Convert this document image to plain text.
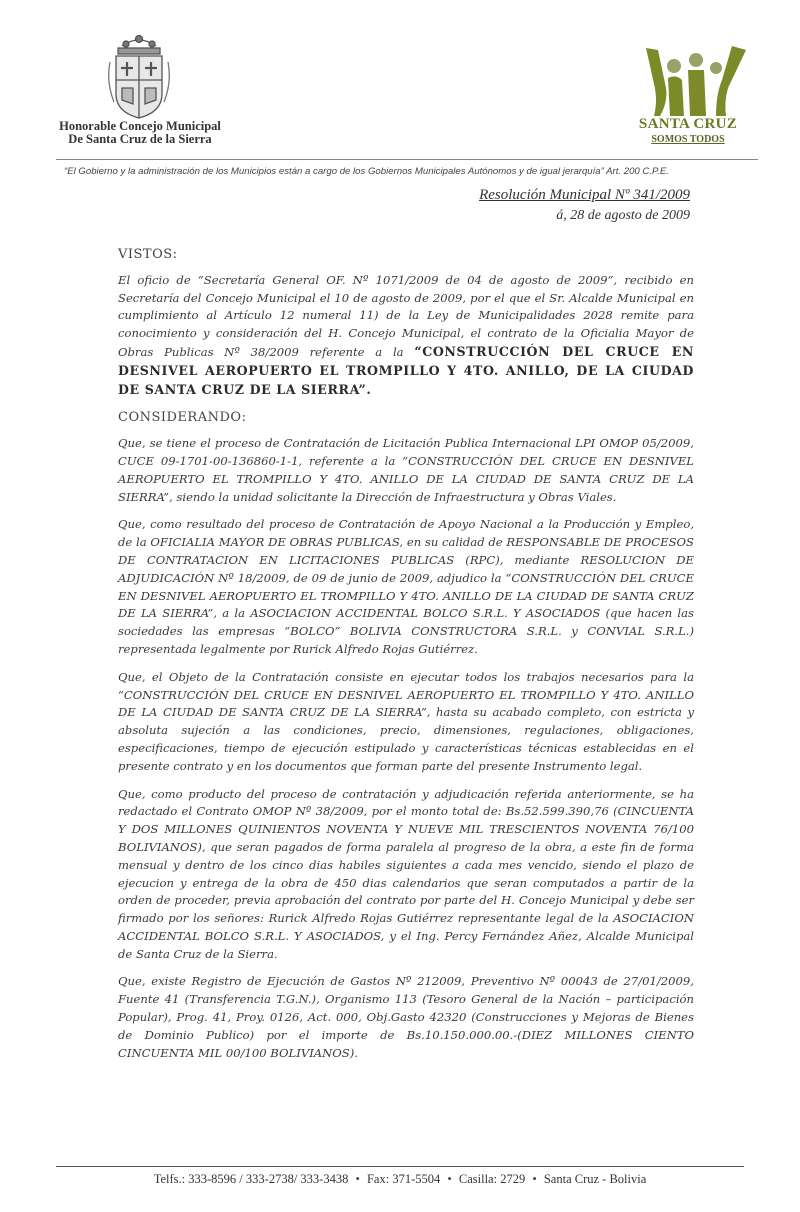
Honorable Concejo Municipal
De Santa Cruz de la Sierra
SANTA CRUZ
SOMOS TODOS
“El Gobierno y la administración de los Municipios están a cargo de los Gobiernos Municipales Autónomos y de igual jerarquía” Art. 200 C.P.E.
Resolución Municipal Nº 341/2009
á, 28 de agosto de 2009
VISTOS:

El oficio de “Secretaría General OF. Nº 1071/2009 de 04 de agosto de 2009”, recibido en Secretaría del Concejo Municipal el 10 de agosto de 2009, por el que el Sr. Alcalde Municipal en cumplimiento al Artículo 12 numeral 11) de la Ley de Municipalidades 2028 remite para conocimiento y consideración del H. Concejo Municipal, el contrato de la Oficialia Mayor de Obras Publicas Nº 38/2009 referente a la “CONSTRUCCIÓN DEL CRUCE EN DESNIVEL AEROPUERTO EL TROMPILLO Y 4TO. ANILLO, DE LA CIUDAD DE SANTA CRUZ DE LA SIERRA”.

CONSIDERANDO:

Que, se tiene el proceso de Contratación de Licitación Publica Internacional LPI OMOP 05/2009, CUCE 09-1701-00-136860-1-1, referente a la “CONSTRUCCIÓN DEL CRUCE EN DESNIVEL AEROPUERTO EL TROMPILLO Y 4TO. ANILLO DE LA CIUDAD DE SANTA CRUZ DE LA SIERRA”, siendo la unidad solicitante la Dirección de Infraestructura y Obras Viales.

Que, como resultado del proceso de Contratación de Apoyo Nacional a la Producción y Empleo, de la OFICIALIA MAYOR DE OBRAS PUBLICAS, en su calidad de RESPONSABLE DE PROCESOS DE CONTRATACION EN LICITACIONES PUBLICAS (RPC), mediante RESOLUCION DE ADJUDICACIÓN Nº 18/2009, de 09 de junio de 2009, adjudico la “CONSTRUCCIÓN DEL CRUCE EN DESNIVEL AEROPUERTO EL TROMPILLO Y 4TO. ANILLO DE LA CIUDAD DE SANTA CRUZ DE LA SIERRA”, a la ASOCIACION ACCIDENTAL BOLCO S.R.L. Y ASOCIADOS (que hacen las sociedades las empresas “BOLCO” BOLIVIA CONSTRUCTORA S.R.L. y CONVIAL S.R.L.) representada legalmente por Rurick Alfredo Rojas Gutiérrez.

Que, el Objeto de la Contratación consiste en ejecutar todos los trabajos necesarios para la “CONSTRUCCIÓN DEL CRUCE EN DESNIVEL AEROPUERTO EL TROMPILLO Y 4TO. ANILLO DE LA CIUDAD DE SANTA CRUZ DE LA SIERRA”, hasta su acabado completo, con estricta y absoluta sujeción a las condiciones, precio, dimensiones, regulaciones, obligaciones, especificaciones, tiempo de ejecución estipulado y características técnicas establecidas en el presente contrato y en los documentos que forman parte del presente Instrumento legal.

Que, como producto del proceso de contratación y adjudicación referida anteriormente, se ha redactado el Contrato OMOP Nº 38/2009, por el monto total de: Bs.52.599.390,76 (CINCUENTA Y DOS MILLONES QUINIENTOS NOVENTA Y NUEVE MIL TRESCIENTOS NOVENTA 76/100 BOLIVIANOS), que seran pagados de forma paralela al progreso de la obra, a este fin de forma mensual y dentro de los cinco dias habiles siguientes a cada mes vencido, siendo el plazo de ejecucion y entrega de la obra de 450 dias calendarios que seran computados a partir de la orden de proceder, previa aprobación del contrato por parte del H. Concejo Municipal y debe ser firmado por los señores: Rurick Alfredo Rojas Gutiérrez representante legal de la ASOCIACION ACCIDENTAL BOLCO S.R.L. Y ASOCIADOS, y el Ing. Percy Fernández Añez, Alcalde Municipal de Santa Cruz de la Sierra.

Que, existe Registro de Ejecución de Gastos Nº 212009, Preventivo Nº 00043 de 27/01/2009, Fuente 41 (Transferencia T.G.N.), Organismo 113 (Tesoro General de la Nación – participación Popular), Prog. 41, Proy. 0126, Act. 000, Obj.Gasto 42320 (Construcciones y Mejoras de Bienes de Dominio Publico) por el importe de Bs.10.150.000.00.-(DIEZ MILLONES CIENTO CINCUENTA MIL 00/100 BOLIVIANOS).

Telfs.: 333-8596 / 333-2738/ 333-3438 • Fax: 371-5504 • Casilla: 2729 • Santa Cruz - Bolivia
